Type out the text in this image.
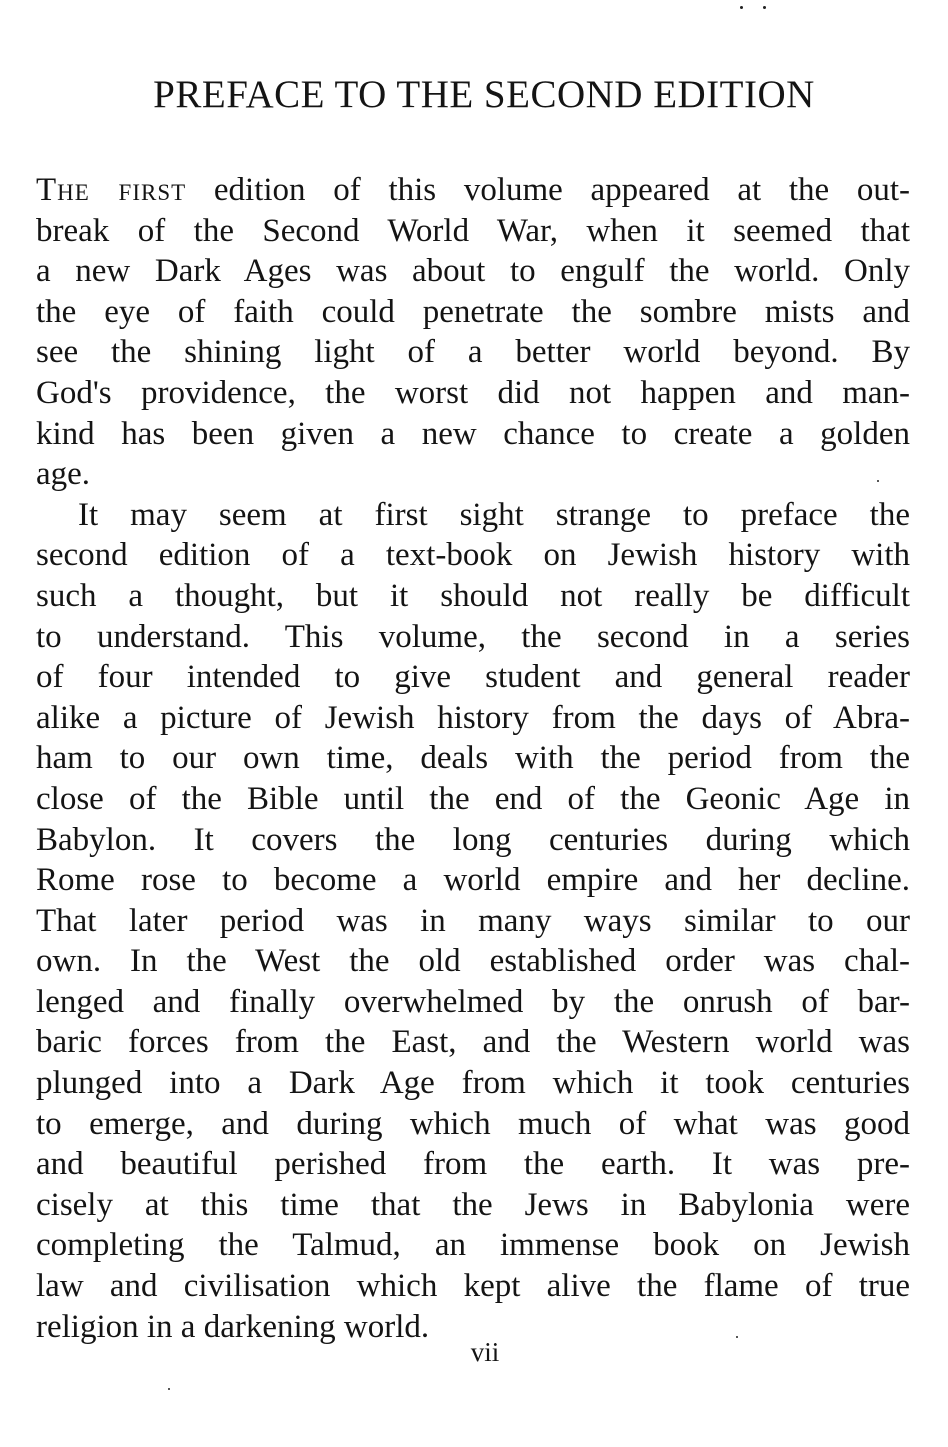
PREFACE TO THE SECOND EDITION
The first edition of this volume appeared at the out-
break of the Second World War, when it seemed that
a new Dark Ages was about to engulf the world. Only
the eye of faith could penetrate the sombre mists and
see the shining light of a better world beyond. By
God's providence, the worst did not happen and man-
kind has been given a new chance to create a golden
age.
It may seem at first sight strange to preface the
second edition of a text-book on Jewish history with
such a thought, but it should not really be difficult
to understand. This volume, the second in a series
of four intended to give student and general reader
alike a picture of Jewish history from the days of Abra-
ham to our own time, deals with the period from the
close of the Bible until the end of the Geonic Age in
Babylon. It covers the long centuries during which
Rome rose to become a world empire and her decline.
That later period was in many ways similar to our
own. In the West the old established order was chal-
lenged and finally overwhelmed by the onrush of bar-
baric forces from the East, and the Western world was
plunged into a Dark Age from which it took centuries
to emerge, and during which much of what was good
and beautiful perished from the earth. It was pre-
cisely at this time that the Jews in Babylonia were
completing the Talmud, an immense book on Jewish
law and civilisation which kept alive the flame of true
religion in a darkening world.
vii
